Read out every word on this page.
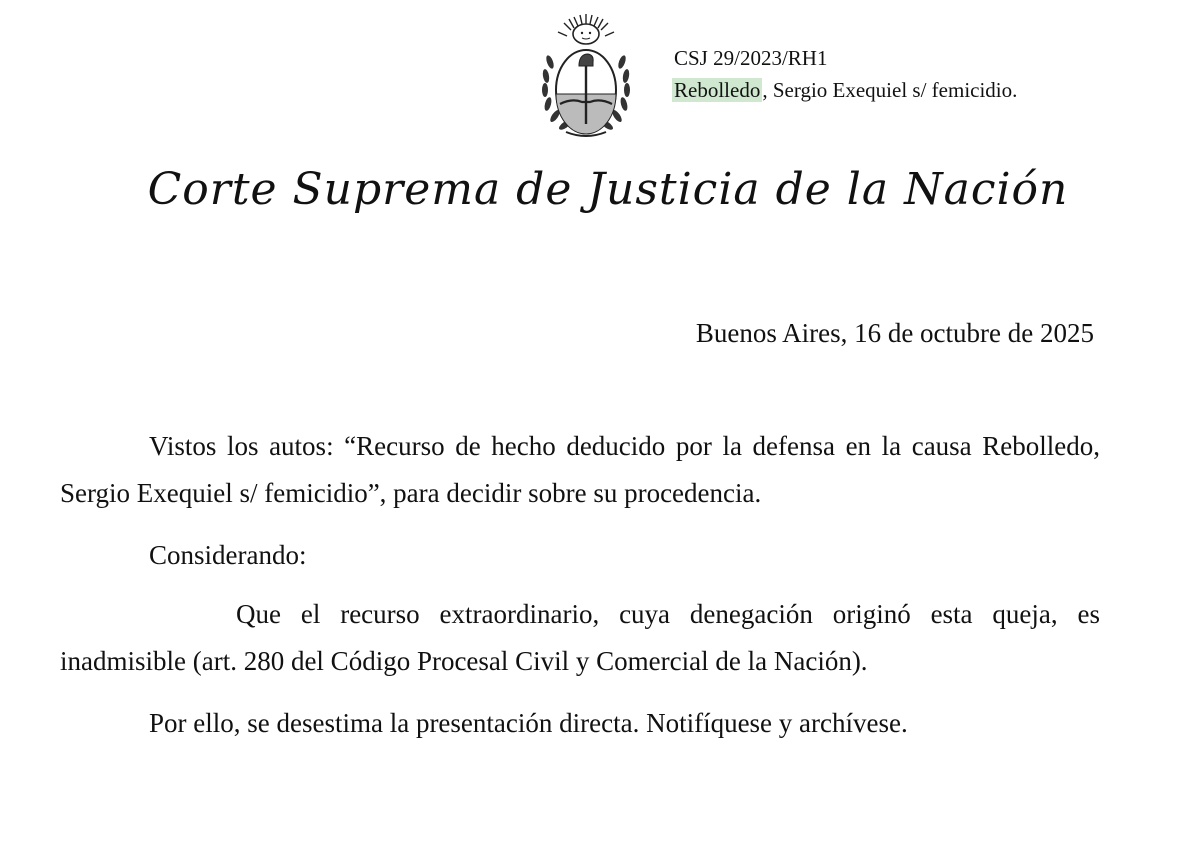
CSJ 29/2023/RH1
Rebolledo, Sergio Exequiel s/ femicidio.
Corte Suprema de Justicia de la Nación
Buenos Aires, 16 de octubre de 2025
Vistos los autos: “Recurso de hecho deducido por la defensa en la causa Rebolledo, Sergio Exequiel s/ femicidio”, para decidir sobre su procedencia.
Considerando:
Que el recurso extraordinario, cuya denegación originó esta queja, es inadmisible (art. 280 del Código Procesal Civil y Comercial de la Nación).
Por ello, se desestima la presentación directa. Notifíquese y archívese.
